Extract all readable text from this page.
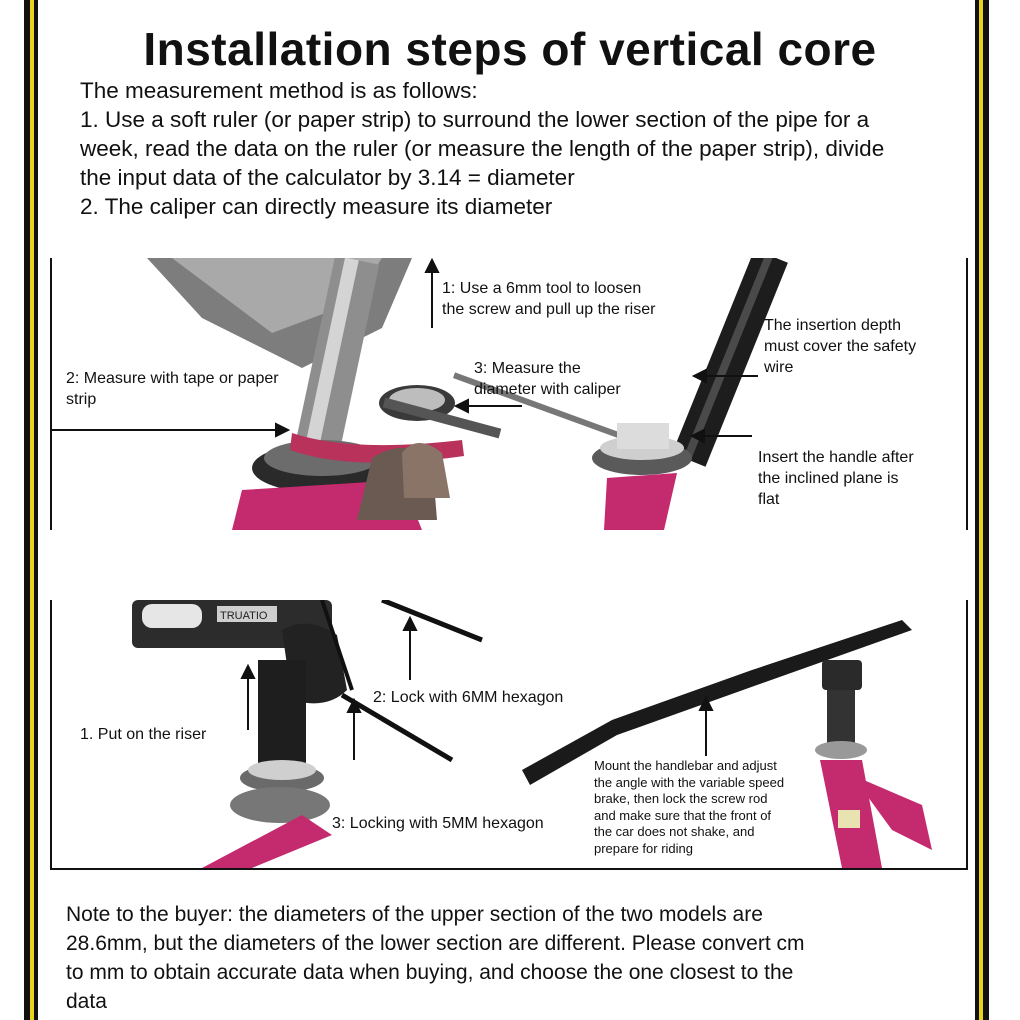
Installation steps of vertical core
The measurement method is as follows:
1. Use a soft ruler (or paper strip) to surround the lower section of the pipe for a
week, read the data on the ruler (or measure the length of the paper strip), divide
the input data of the calculator by 3.14 = diameter
2. The caliper can directly measure its diameter
1: Use a 6mm tool to loosen
the screw and pull up the riser
2: Measure with tape or paper
strip
3: Measure the
diameter with caliper
The insertion depth
must cover the safety
wire
Insert the handle after
the inclined plane is
flat
TRUATIO
1. Put on the riser
2: Lock with 6MM hexagon
3: Locking with 5MM hexagon
Mount the handlebar and adjust
the angle with the variable speed
brake, then lock the screw rod
and make sure that the front of
the car does not shake, and
prepare for riding
Note to the buyer: the diameters of the upper section of the two models are
28.6mm, but the diameters of the lower section are different. Please convert cm
to mm to obtain accurate data when buying, and choose the one closest to the
data
